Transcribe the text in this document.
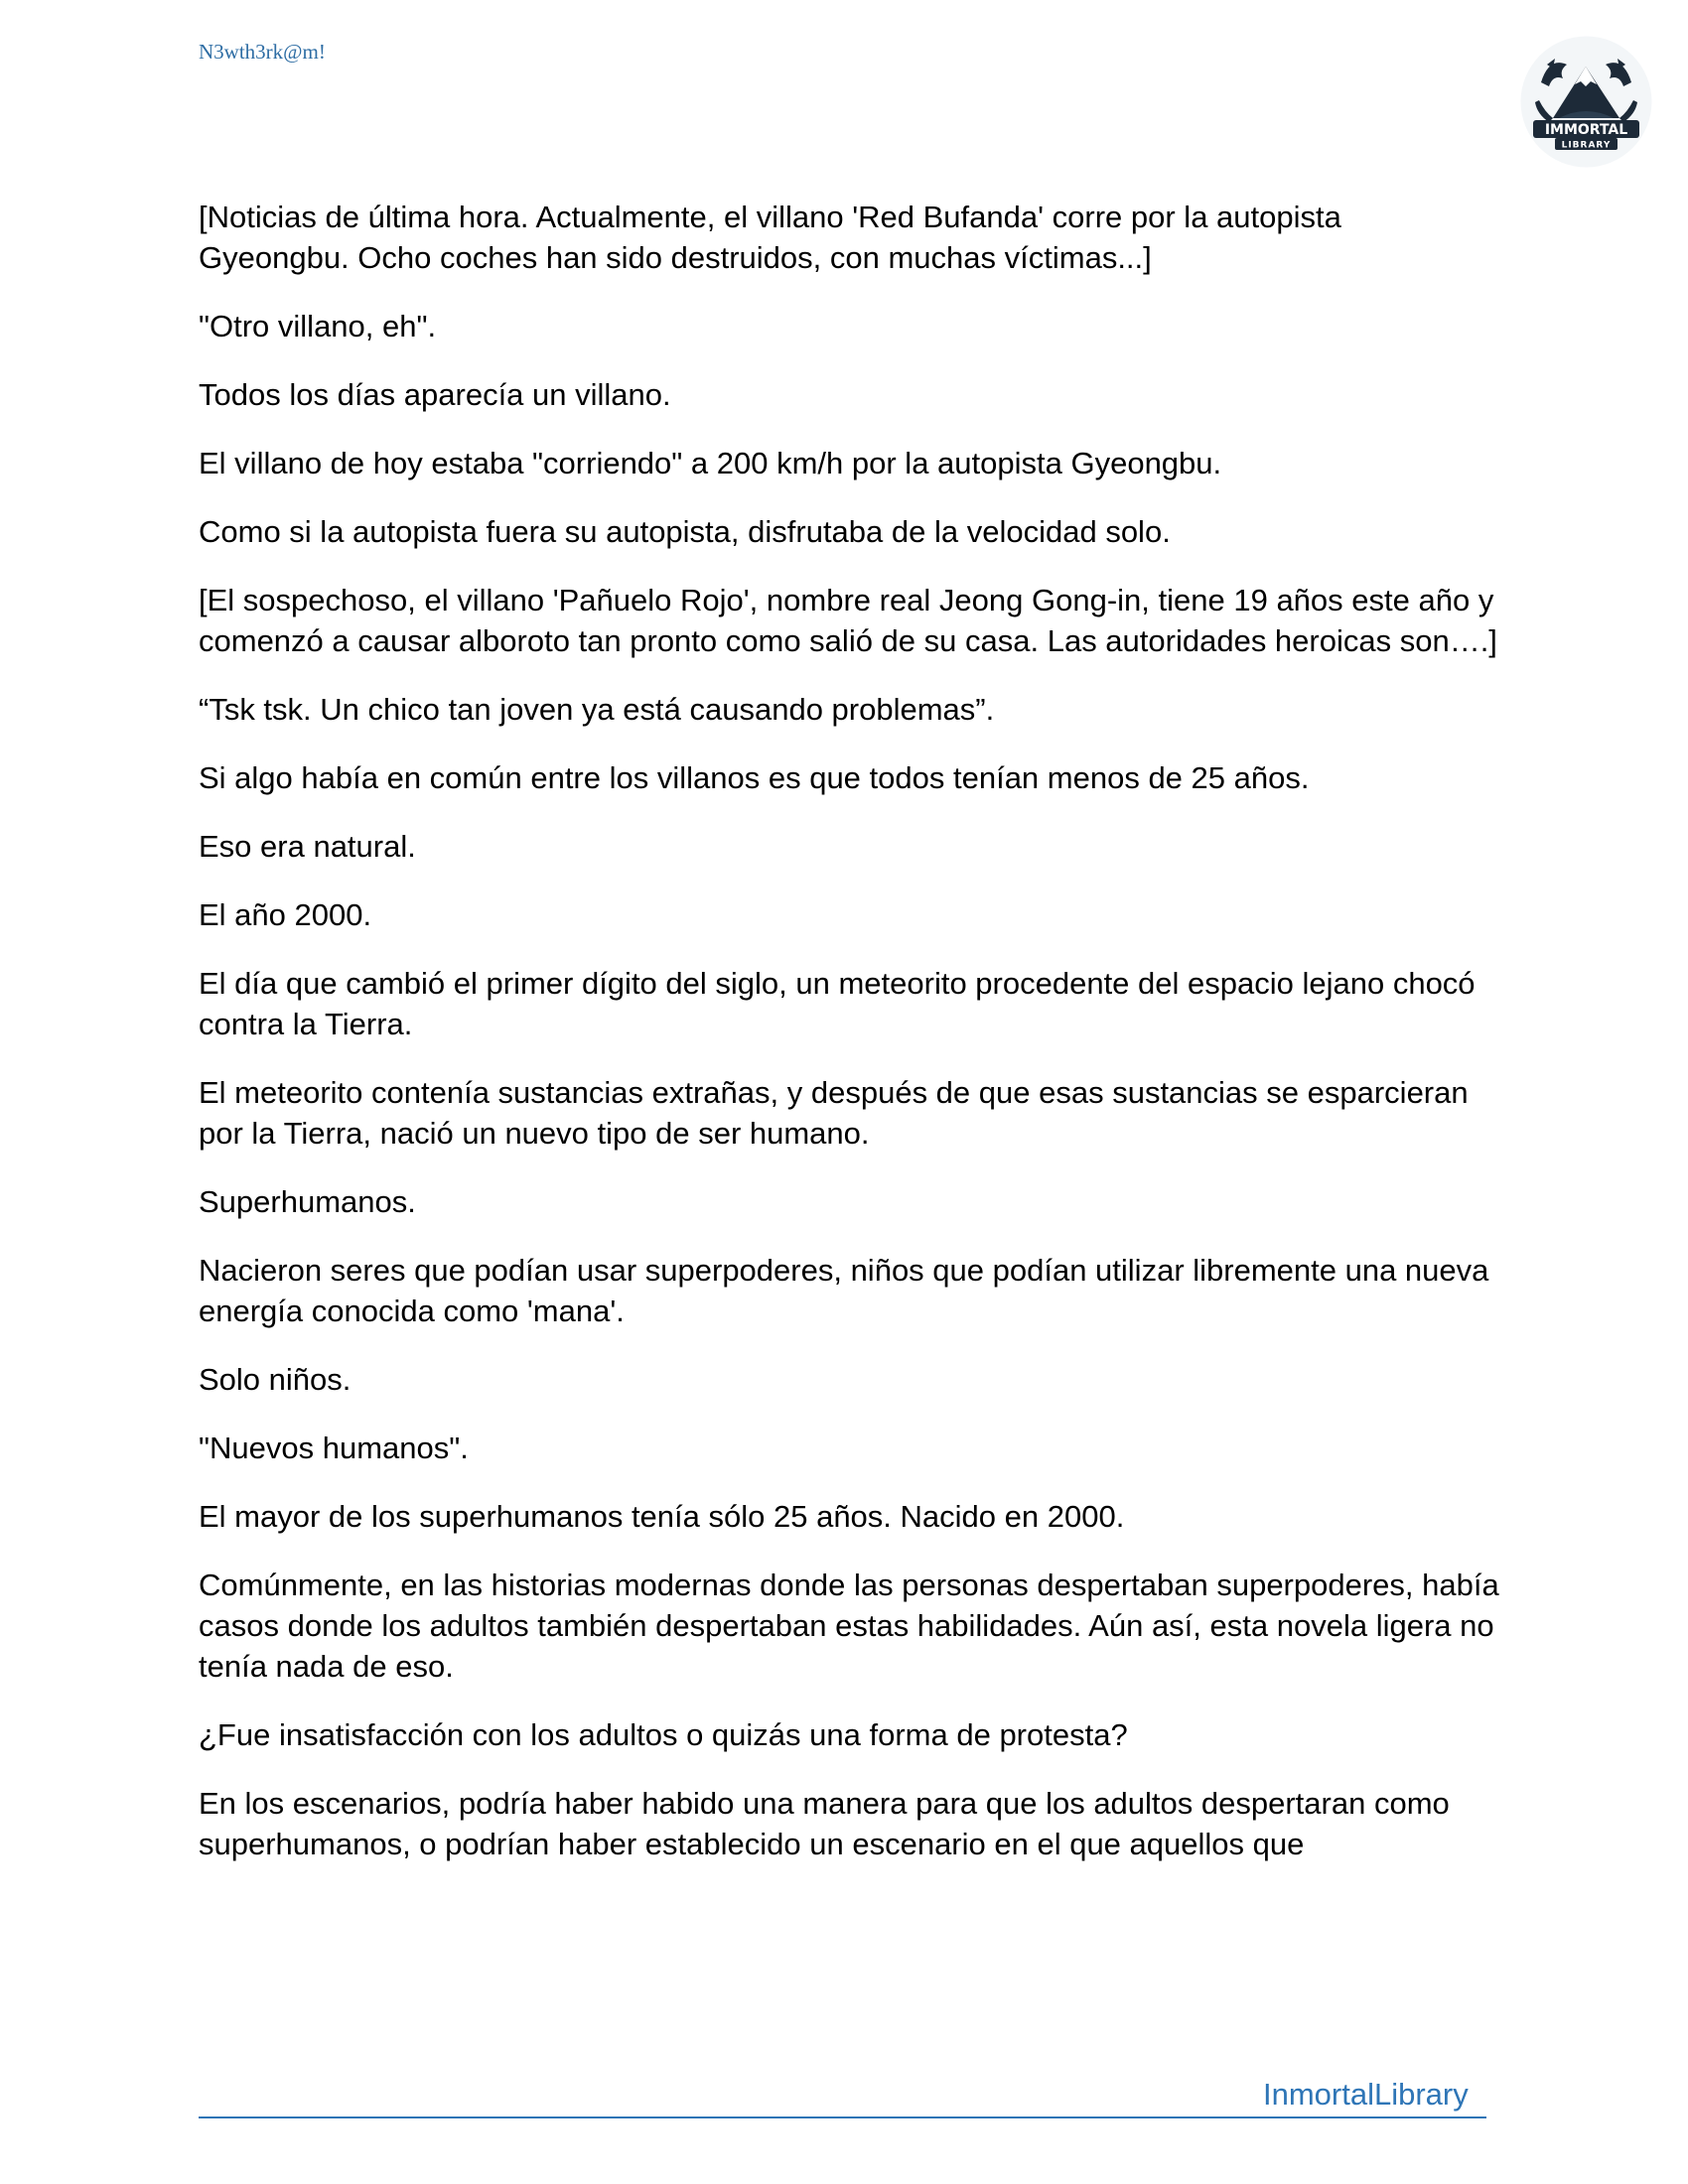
N3wth3rk@m!
IMMORTAL
LIBRARY

[Noticias de última hora. Actualmente, el villano 'Red Bufanda' corre por la autopista Gyeongbu. Ocho coches han sido destruidos, con muchas víctimas...]

"Otro villano, eh".

Todos los días aparecía un villano.

El villano de hoy estaba "corriendo" a 200 km/h por la autopista Gyeongbu.

Como si la autopista fuera su autopista, disfrutaba de la velocidad solo.

[El sospechoso, el villano 'Pañuelo Rojo', nombre real Jeong Gong-in, tiene 19 años este año y comenzó a causar alboroto tan pronto como salió de su casa. Las autoridades heroicas son….]

“Tsk tsk. Un chico tan joven ya está causando problemas”.

Si algo había en común entre los villanos es que todos tenían menos de 25 años.

Eso era natural.

El año 2000.

El día que cambió el primer dígito del siglo, un meteorito procedente del espacio lejano chocó contra la Tierra.

El meteorito contenía sustancias extrañas, y después de que esas sustancias se esparcieran por la Tierra, nació un nuevo tipo de ser humano.

Superhumanos.

Nacieron seres que podían usar superpoderes, niños que podían utilizar libremente una nueva energía conocida como 'mana'.

Solo niños.

"Nuevos humanos".

El mayor de los superhumanos tenía sólo 25 años. Nacido en 2000.

Comúnmente, en las historias modernas donde las personas despertaban superpoderes, había casos donde los adultos también despertaban estas habilidades. Aún así, esta novela ligera no tenía nada de eso.

¿Fue insatisfacción con los adultos o quizás una forma de protesta?

En los escenarios, podría haber habido una manera para que los adultos despertaran como superhumanos, o podrían haber establecido un escenario en el que aquellos que

InmortalLibrary
